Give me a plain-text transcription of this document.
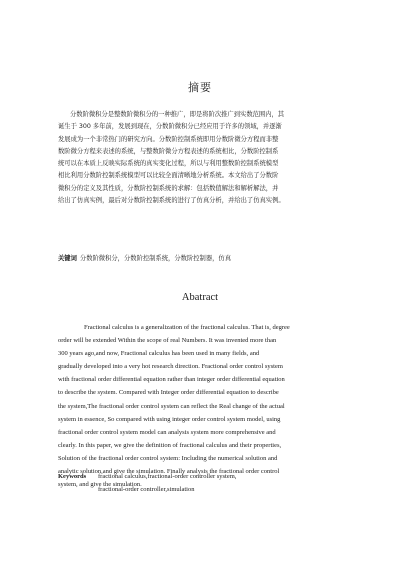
摘要
分数阶微积分是整数阶微积分的一种推广，即是将阶次推广到实数范围内，其
诞生于 300 多年前，发展到现在，分数阶微积分已经应用于许多的领域，并逐渐
发展成为一个非常热门的研究方向。分数阶控制系统即用分数阶微分方程而非整
数阶微分方程来表述的系统，与整数阶微分方程表述的系统相比，分数阶控制系
统可以在本质上反映实际系统的真实变化过程，所以与利用整数阶控制系统模型
相比利用分数阶控制系统模型可以比较全面清晰地分析系统。本文给出了分数阶
微积分的定义及其性质，分数阶控制系统的求解：包括数值解法和解析解法，并
给出了仿真实例，最后对分数阶控制系统的进行了仿真分析，并给出了仿真实例。
关键词 分数阶微积分，分数阶控制系统，分数阶控制器，仿真
Abatract
Fractional calculus is a generalization of the fractional calculus. That is, degree
order will be extended Within the scope of real Numbers. It was invented more than
300 years ago,and now, Fractional calculus has been used in many fields, and
gradually developed into a very hot research direction. Fractional order control system
with fractional order differential equation rather than integer order differential equation
to describe the system. Compared with Integer order differential equation to describe
the system,The fractional order control system can reflect the Real change of the actual
system in essence, So compared with using integer order control system model, using
fractional order control system model can analysis system more comprehensive and
clearly. In this paper, we give the definition of fractional calculus and their properties,
Solution of the fractional order control system: Including the numerical solution and
analytic solution,and give the simulation. Finally analysis the fractional order control
system, and give the simulation.
Keywords fractional calculus,fractional-order controller system,
fractional-order controller,simulation
